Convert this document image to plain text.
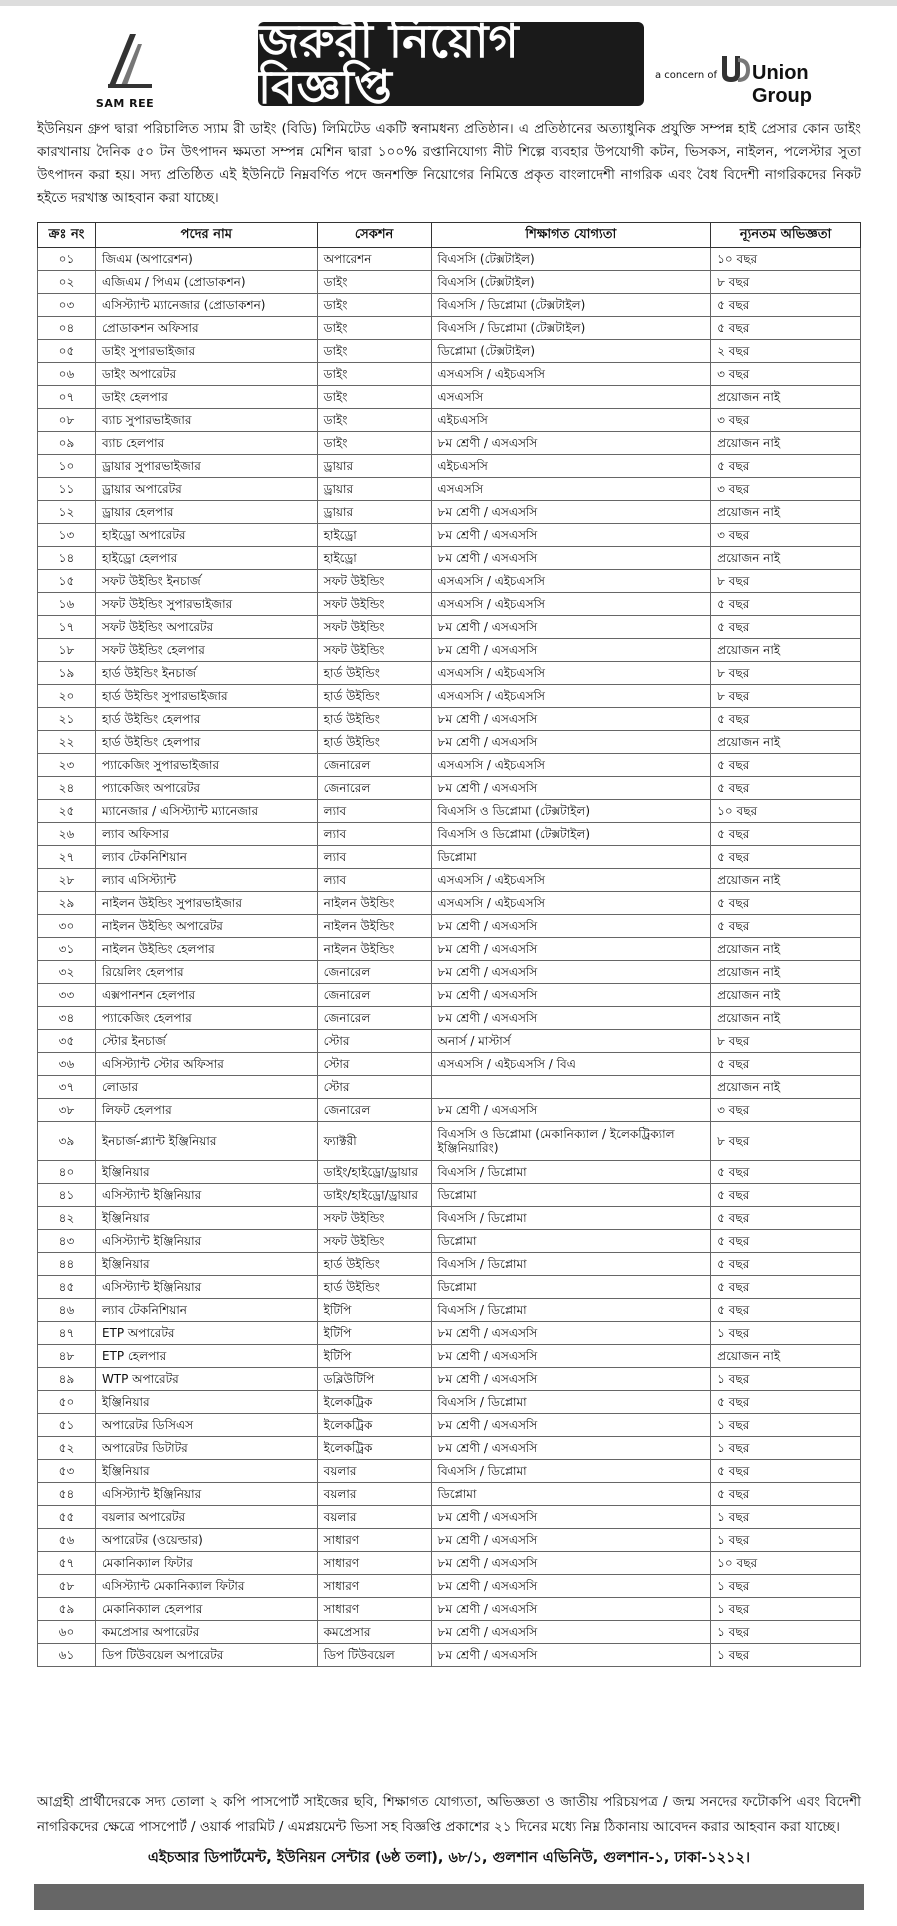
SAM REE
জরুরী নিয়োগ বিজ্ঞপ্তি	a concern of Union Group
ইউনিয়ন গ্রুপ দ্বারা পরিচালিত স্যাম রী ডাইং (বিডি) লিমিটেড একটি স্বনামধন্য প্রতিষ্ঠান। এ প্রতিষ্ঠানের অত্যাধুনিক প্রযুক্তি সম্পন্ন হাই প্রেসার কোন ডাইং কারখানায় দৈনিক ৫০ টন উৎপাদন ক্ষমতা সম্পন্ন মেশিন দ্বারা ১০০% রপ্তানিযোগ্য নীট শিল্পে ব্যবহার উপযোগী কটন, ভিসকস, নাইলন, পলেস্টার সুতা উৎপাদন করা হয়। সদ্য প্রতিষ্ঠিত এই ইউনিটে নিম্নবর্ণিত পদে জনশক্তি নিয়োগের নিমিত্তে প্রকৃত বাংলাদেশী নাগরিক এবং বৈধ বিদেশী নাগরিকদের নিকট হইতে দরখাস্ত আহবান করা যাচ্ছে।
ক্রঃ নং	পদের নাম	সেকশন	শিক্ষাগত যোগ্যতা	ন্যূনতম অভিজ্ঞতা
০১	জিএম (অপারেশন)	অপারেশন	বিএসসি (টেক্সটাইল)	১০ বছর
০২	এজিএম / পিএম (প্রোডাকশন)	ডাইং	বিএসসি (টেক্সটাইল)	৮ বছর
০৩	এসিস্ট্যান্ট ম্যানেজার (প্রোডাকশন)	ডাইং	বিএসসি / ডিপ্লোমা (টেক্সটাইল)	৫ বছর
০৪	প্রোডাকশন অফিসার	ডাইং	বিএসসি / ডিপ্লোমা (টেক্সটাইল)	৫ বছর
০৫	ডাইং সুপারভাইজার	ডাইং	ডিপ্লোমা (টেক্সটাইল)	২ বছর
০৬	ডাইং অপারেটর	ডাইং	এসএসসি / এইচএসসি	৩ বছর
০৭	ডাইং হেলপার	ডাইং	এসএসসি	প্রয়োজন নাই
০৮	ব্যাচ সুপারভাইজার	ডাইং	এইচএসসি	৩ বছর
০৯	ব্যাচ হেলপার	ডাইং	৮ম শ্রেণী / এসএসসি	প্রয়োজন নাই
১০	ড্রায়ার সুপারভাইজার	ড্রায়ার	এইচএসসি	৫ বছর
১১	ড্রায়ার অপারেটর	ড্রায়ার	এসএসসি	৩ বছর
১২	ড্রায়ার হেলপার	ড্রায়ার	৮ম শ্রেণী / এসএসসি	প্রয়োজন নাই
১৩	হাইড্রো অপারেটর	হাইড্রো	৮ম শ্রেণী / এসএসসি	৩ বছর
১৪	হাইড্রো হেলপার	হাইড্রো	৮ম শ্রেণী / এসএসসি	প্রয়োজন নাই
১৫	সফট উইন্ডিং ইনচার্জ	সফট উইন্ডিং	এসএসসি / এইচএসসি	৮ বছর
১৬	সফট উইন্ডিং সুপারভাইজার	সফট উইন্ডিং	এসএসসি / এইচএসসি	৫ বছর
১৭	সফট উইন্ডিং অপারেটর	সফট উইন্ডিং	৮ম শ্রেণী / এসএসসি	৫ বছর
১৮	সফট উইন্ডিং হেলপার	সফট উইন্ডিং	৮ম শ্রেণী / এসএসসি	প্রয়োজন নাই
১৯	হার্ড উইন্ডিং ইনচার্জ	হার্ড উইন্ডিং	এসএসসি / এইচএসসি	৮ বছর
২০	হার্ড উইন্ডিং সুপারভাইজার	হার্ড উইন্ডিং	এসএসসি / এইচএসসি	৮ বছর
২১	হার্ড উইন্ডিং হেলপার	হার্ড উইন্ডিং	৮ম শ্রেণী / এসএসসি	৫ বছর
২২	হার্ড উইন্ডিং হেলপার	হার্ড উইন্ডিং	৮ম শ্রেণী / এসএসসি	প্রয়োজন নাই
২৩	প্যাকেজিং সুপারভাইজার	জেনারেল	এসএসসি / এইচএসসি	৫ বছর
২৪	প্যাকেজিং অপারেটর	জেনারেল	৮ম শ্রেণী / এসএসসি	৫ বছর
২৫	ম্যানেজার / এসিস্ট্যান্ট ম্যানেজার	ল্যাব	বিএসসি ও ডিপ্লোমা (টেক্সটাইল)	১০ বছর
২৬	ল্যাব অফিসার	ল্যাব	বিএসসি ও ডিপ্লোমা (টেক্সটাইল)	৫ বছর
২৭	ল্যাব টেকনিশিয়ান	ল্যাব	ডিপ্লোমা	৫ বছর
২৮	ল্যাব এসিস্ট্যান্ট	ল্যাব	এসএসসি / এইচএসসি	প্রয়োজন নাই
২৯	নাইলন উইন্ডিং সুপারভাইজার	নাইলন উইন্ডিং	এসএসসি / এইচএসসি	৫ বছর
৩০	নাইলন উইন্ডিং অপারেটর	নাইলন উইন্ডিং	৮ম শ্রেণী / এসএসসি	৫ বছর
৩১	নাইলন উইন্ডিং হেলপার	নাইলন উইন্ডিং	৮ম শ্রেণী / এসএসসি	প্রয়োজন নাই
৩২	রিয়েলিং হেলপার	জেনারেল	৮ম শ্রেণী / এসএসসি	প্রয়োজন নাই
৩৩	এক্সপানশন হেলপার	জেনারেল	৮ম শ্রেণী / এসএসসি	প্রয়োজন নাই
৩৪	প্যাকেজিং হেলপার	জেনারেল	৮ম শ্রেণী / এসএসসি	প্রয়োজন নাই
৩৫	স্টোর ইনচার্জ	স্টোর	অনার্স / মাস্টার্স	৮ বছর
৩৬	এসিস্ট্যান্ট স্টোর অফিসার	স্টোর	এসএসসি / এইচএসসি / বিএ	৫ বছর
৩৭	লোডার	স্টোর		প্রয়োজন নাই
৩৮	লিফট হেলপার	জেনারেল	৮ম শ্রেণী / এসএসসি	৩ বছর
৩৯	ইনচার্জ-প্ল্যান্ট ইঞ্জিনিয়ার	ফ্যাক্টরী	বিএসসি ও ডিপ্লোমা (মেকানিক্যাল / ইলেকট্রিক্যাল ইঞ্জিনিয়ারিং)	৮ বছর
৪০	ইঞ্জিনিয়ার	ডাইং/হাইড্রো/ড্রায়ার	বিএসসি / ডিপ্লোমা	৫ বছর
৪১	এসিস্ট্যান্ট ইঞ্জিনিয়ার	ডাইং/হাইড্রো/ড্রায়ার	ডিপ্লোমা	৫ বছর
৪২	ইঞ্জিনিয়ার	সফট উইন্ডিং	বিএসসি / ডিপ্লোমা	৫ বছর
৪৩	এসিস্ট্যান্ট ইঞ্জিনিয়ার	সফট উইন্ডিং	ডিপ্লোমা	৫ বছর
৪৪	ইঞ্জিনিয়ার	হার্ড উইন্ডিং	বিএসসি / ডিপ্লোমা	৫ বছর
৪৫	এসিস্ট্যান্ট ইঞ্জিনিয়ার	হার্ড উইন্ডিং	ডিপ্লোমা	৫ বছর
৪৬	ল্যাব টেকনিশিয়ান	ইটিপি	বিএসসি / ডিপ্লোমা	৫ বছর
৪৭	ETP অপারেটর	ইটিপি	৮ম শ্রেণী / এসএসসি	১ বছর
৪৮	ETP হেলপার	ইটিপি	৮ম শ্রেণী / এসএসসি	প্রয়োজন নাই
৪৯	WTP অপারেটর	ডব্লিউটিপি	৮ম শ্রেণী / এসএসসি	১ বছর
৫০	ইঞ্জিনিয়ার	ইলেকট্রিক	বিএসসি / ডিপ্লোমা	৫ বছর
৫১	অপারেটর ডিসিএস	ইলেকট্রিক	৮ম শ্রেণী / এসএসসি	১ বছর
৫২	অপারেটর ডিটাটর	ইলেকট্রিক	৮ম শ্রেণী / এসএসসি	১ বছর
৫৩	ইঞ্জিনিয়ার	বয়লার	বিএসসি / ডিপ্লোমা	৫ বছর
৫৪	এসিস্ট্যান্ট ইঞ্জিনিয়ার	বয়লার	ডিপ্লোমা	৫ বছর
৫৫	বয়লার অপারেটর	বয়লার	৮ম শ্রেণী / এসএসসি	১ বছর
৫৬	অপারেটর (ওয়েল্ডার)	সাধারণ	৮ম শ্রেণী / এসএসসি	১ বছর
৫৭	মেকানিক্যাল ফিটার	সাধারণ	৮ম শ্রেণী / এসএসসি	১০ বছর
৫৮	এসিস্ট্যান্ট মেকানিক্যাল ফিটার	সাধারণ	৮ম শ্রেণী / এসএসসি	১ বছর
৫৯	মেকানিক্যাল হেলপার	সাধারণ	৮ম শ্রেণী / এসএসসি	১ বছর
৬০	কমপ্রেসার অপারেটর	কমপ্রেসার	৮ম শ্রেণী / এসএসসি	১ বছর
৬১	ডিপ টিউবয়েল অপারেটর	ডিপ টিউবয়েল	৮ম শ্রেণী / এসএসসি	১ বছর
আগ্রহী প্রার্থীদেরকে সদ্য তোলা ২ কপি পাসপোর্ট সাইজের ছবি, শিক্ষাগত যোগ্যতা, অভিজ্ঞতা ও জাতীয় পরিচয়পত্র / জন্ম সনদের ফটোকপি এবং বিদেশী নাগরিকদের ক্ষেত্রে পাসপোর্ট / ওয়ার্ক পারমিট / এমপ্লয়মেন্ট ভিসা সহ বিজ্ঞপ্তি প্রকাশের ২১ দিনের মধ্যে নিম্ন ঠিকানায় আবেদন করার আহবান করা যাচ্ছে।
এইচআর ডিপার্টমেন্ট, ইউনিয়ন সেন্টার (৬ষ্ঠ তলা), ৬৮/১, গুলশান এভিনিউ, গুলশান-১, ঢাকা-১২১২।
